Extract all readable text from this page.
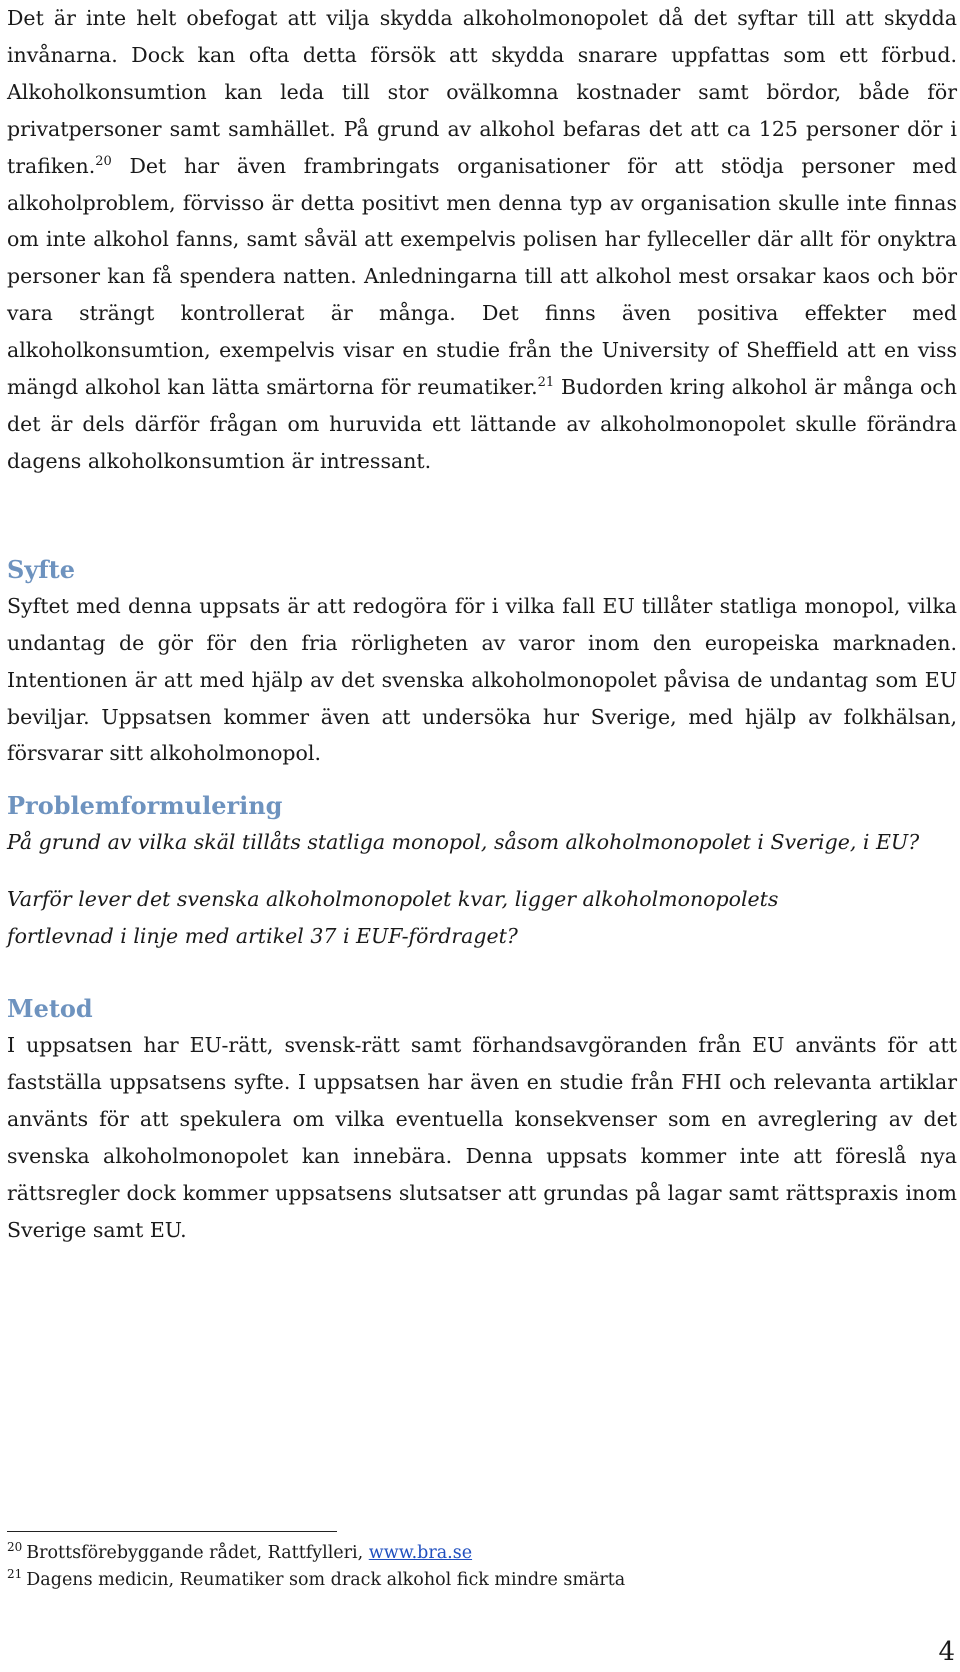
Det är inte helt obefogat att vilja skydda alkoholmonopolet då det syftar till att skydda invånarna. Dock kan ofta detta försök att skydda snarare uppfattas som ett förbud. Alkoholkonsumtion kan leda till stor ovälkomna kostnader samt bördor, både för privatpersoner samt samhället. På grund av alkohol befaras det att ca 125 personer dör i trafiken.$^{20}$ Det har även frambringats organisationer för att stödja personer med alkoholproblem, förvisso är detta positivt men denna typ av organisation skulle inte finnas om inte alkohol fanns, samt såväl att exempelvis polisen har fylleceller där allt för onyktra personer kan få spendera natten. Anledningarna till att alkohol mest orsakar kaos och bör vara strängt kontrollerat är många. Det finns även positiva effekter med alkoholkonsumtion, exempelvis visar en studie från the University of Sheffield att en viss mängd alkohol kan lätta smärtorna för reumatiker.$^{21}$ Budorden kring alkohol är många och det är dels därför frågan om huruvida ett lättande av alkoholmonopolet skulle förändra dagens alkoholkonsumtion är intressant.

Syfte

Syftet med denna uppsats är att redogöra för i vilka fall EU tillåter statliga monopol, vilka undantag de gör för den fria rörligheten av varor inom den europeiska marknaden. Intentionen är att med hjälp av det svenska alkoholmonopolet påvisa de undantag som EU beviljar. Uppsatsen kommer även att undersöka hur Sverige, med hjälp av folkhälsan, försvarar sitt alkoholmonopol.

Problemformulering

På grund av vilka skäl tillåts statliga monopol, såsom alkoholmonopolet i Sverige, i EU?

Varför lever det svenska alkoholmonopolet kvar, ligger alkoholmonopolets fortlevnad i linje med artikel 37 i EUF-fördraget?

Metod

I uppsatsen har EU-rätt, svensk-rätt samt förhandsavgöranden från EU använts för att fastställa uppsatsens syfte. I uppsatsen har även en studie från FHI och relevanta artiklar använts för att spekulera om vilka eventuella konsekvenser som en avreglering av det svenska alkoholmonopolet kan innebära. Denna uppsats kommer inte att föreslå nya rättsregler dock kommer uppsatsens slutsatser att grundas på lagar samt rättspraxis inom Sverige samt EU.

$^{20}$ Brottsförebyggande rådet, Rattfylleri, www.bra.se
$^{21}$ Dagens medicin, Reumatiker som drack alkohol fick mindre smärta
4
